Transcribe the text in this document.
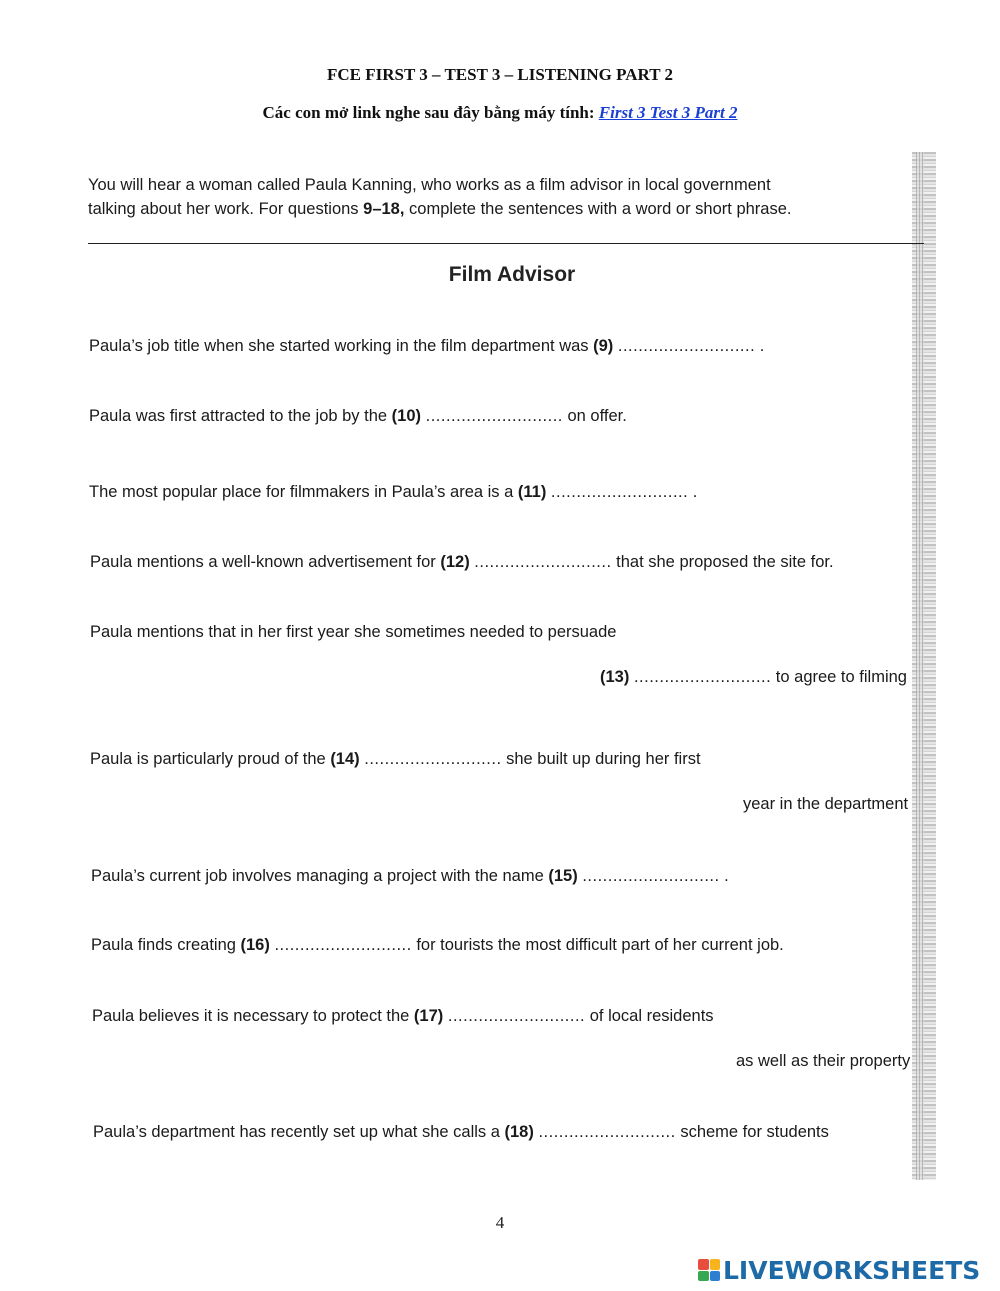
FCE FIRST 3 – TEST 3 – LISTENING PART 2
Các con mở link nghe sau đây bằng máy tính: First 3 Test 3 Part 2
You will hear a woman called Paula Kanning, who works as a film advisor in local government
talking about her work. For questions 9–18, complete the sentences with a word or short phrase.
Film Advisor
Paula’s job title when she started working in the film department was (9) ........................... .
Paula was first attracted to the job by the (10) ........................... on offer.
The most popular place for filmmakers in Paula’s area is a (11) ........................... .
Paula mentions a well-known advertisement for (12) ........................... that she proposed the site for.
Paula mentions that in her first year she sometimes needed to persuade
(13) ........................... to agree to filming
Paula is particularly proud of the (14) ........................... she built up during her first
year in the department
Paula’s current job involves managing a project with the name (15) ........................... .
Paula finds creating (16) ........................... for tourists the most difficult part of her current job.
Paula believes it is necessary to protect the (17) ........................... of local residents
as well as their property
Paula’s department has recently set up what she calls a (18) ........................... scheme for students
4
LIVEWORKSHEETS
